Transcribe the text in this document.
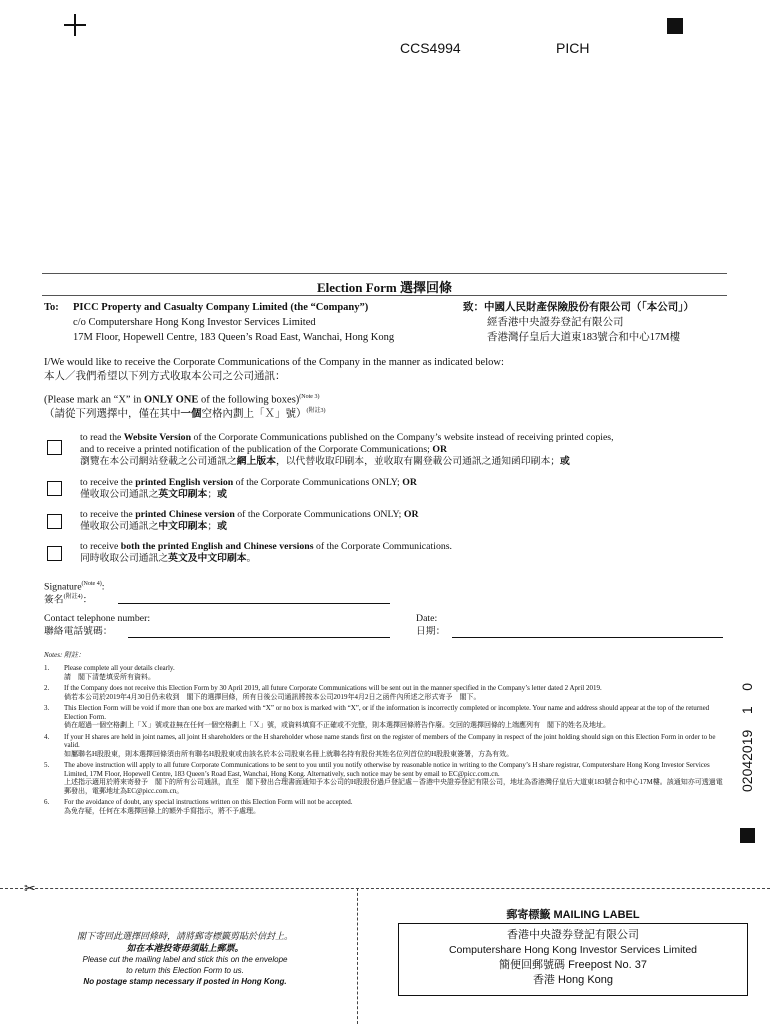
CCS4994	PICH
Election Form 選擇回條
To: PICC Property and Casualty Company Limited (the “Company”)
c/o Computershare Hong Kong Investor Services Limited
17M Floor, Hopewell Centre, 183 Queen’s Road East, Wanchai, Hong Kong
致：中國人民財產保險股份有限公司（「本公司」）
經香港中央證券登記有限公司
香港灣仔皇后大道東183號合和中心17M樓
I/We would like to receive the Corporate Communications of the Company in the manner as indicated below:
本人／我們希望以下列方式收取本公司之公司通訊：
(Please mark an “X” in ONLY ONE of the following boxes)$^{(Note 3)}$
（請從下列選擇中，僅在其中一個空格內劃上「Ｘ」號）$^{(附註3)}$
to read the Website Version of the Corporate Communications published on the Company’s website instead of receiving printed copies,
and to receive a printed notification of the publication of the Corporate Communications; OR
瀏覽在本公司網站登載之公司通訊之網上版本，以代替收取印刷本，並收取有關登載公司通訊之通知函印刷本；或
to receive the printed English version of the Corporate Communications ONLY; OR
僅收取公司通訊之英文印刷本；或
to receive the printed Chinese version of the Corporate Communications ONLY; OR
僅收取公司通訊之中文印刷本；或
to receive both the printed English and Chinese versions of the Corporate Communications.
同時收取公司通訊之英文及中文印刷本。
Signature$^{(Note 4)}$:
簽名$^{(附註4)}$：
Contact telephone number:
聯絡電話號碼：
Date:
日期：
Notes: 附註：
1.	Please complete all your details clearly.
請　閣下清楚填妥所有資料。
2.	If the Company does not receive this Election Form by 30 April 2019, all future Corporate Communications will be sent out in the manner specified in the Company’s letter dated 2 April 2019.
倘若本公司於2019年4月30日仍未收到　閣下的選擇回條，所有日後公司通訊將按本公司2019年4月2日之函件內所述之形式寄予　閣下。
3.	This Election Form will be void if more than one box are marked with “X” or no box is marked with “X”, or if the information is incorrectly completed or incomplete. Your name and address should appear at the top of the returned Election Form.
倘在超過一個空格劃上「Ｘ」號或並無在任何一個空格劃上「Ｘ」號，或資料填寫不正確或不完整，則本選擇回條將告作廢。交回的選擇回條的上端應列有　閣下的姓名及地址。
4.	If your H shares are held in joint names, all joint H shareholders or the H shareholder whose name stands first on the register of members of the Company in respect of the joint holding should sign on this Election Form in order to be valid.
如屬聯名H股股東，則本選擇回條須由所有聯名H股股東或由該名於本公司股東名冊上就聯名持有股份其姓名位列首位的H股股東簽署，方為有效。
5.	The above instruction will apply to all future Corporate Communications to be sent to you until you notify otherwise by reasonable notice in writing to the Company’s H share registrar, Computershare Hong Kong Investor Services Limited, 17M Floor, Hopewell Centre, 183 Queen’s Road East, Wanchai, Hong Kong. Alternatively, such notice may be sent by email to EC@picc.com.cn.
上述指示適用於將來寄發予　閣下的所有公司通訊，直至　閣下發出合理書面通知予本公司的H股股份過戶登記處－香港中央證券登記有限公司，地址為香港灣仔皇后大道東183號合和中心17M樓。該通知亦可透過電郵發出，電郵地址為EC@picc.com.cn。
6.	For the avoidance of doubt, any special instructions written on this Election Form will not be accepted.
為免存疑，任何在本選擇回條上的額外手寫指示，將不予處理。
02042019    1    0
✂
閣下寄回此選擇回條時，請將郵寄標籤剪貼於信封上。
如在本港投寄毋須貼上郵票。
Please cut the mailing label and stick this on the envelope
to return this Election Form to us.
No postage stamp necessary if posted in Hong Kong.
郵寄標籤 MAILING LABEL
香港中央證券登記有限公司
Computershare Hong Kong Investor Services Limited
簡便回郵號碼 Freepost No. 37
香港 Hong Kong
